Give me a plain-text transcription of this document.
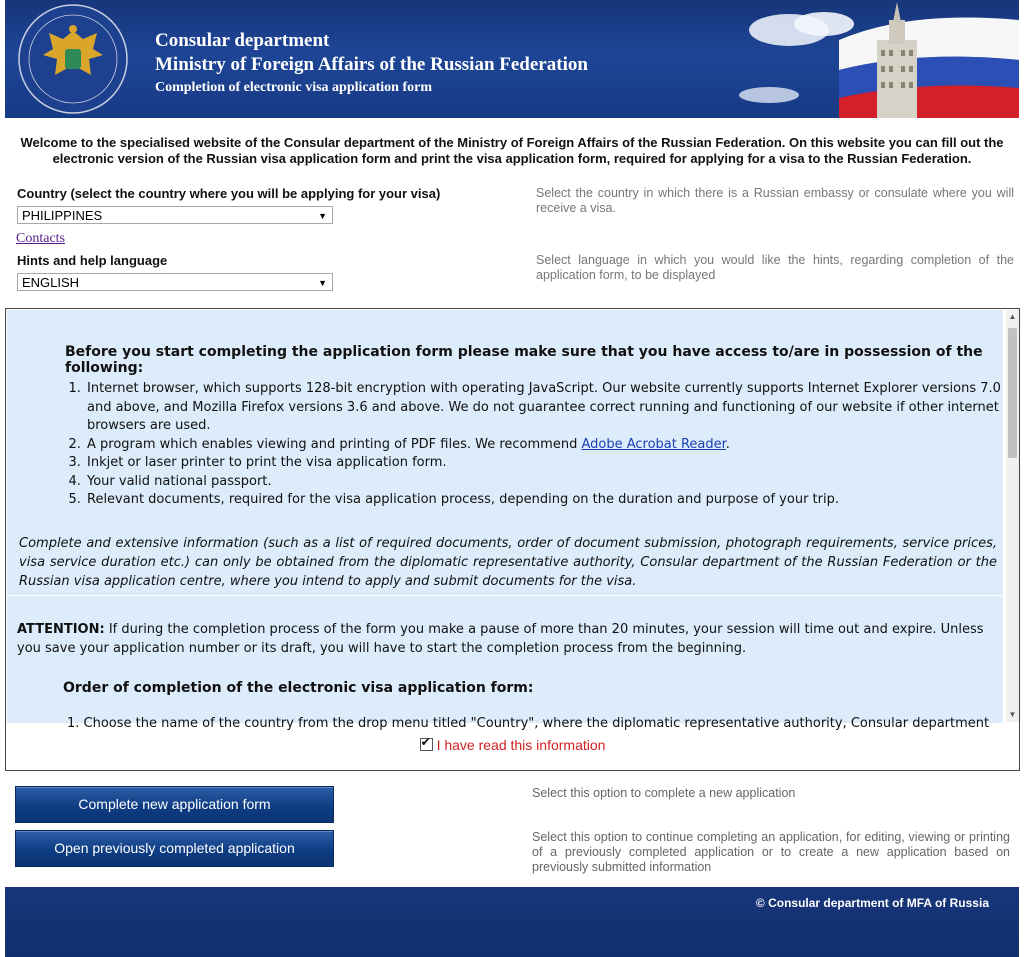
Consular department
Ministry of Foreign Affairs of the Russian Federation
Completion of electronic visa application form
Welcome to the specialised website of the Consular department of the Ministry of Foreign Affairs of the Russian Federation. On this website you can fill out the electronic version of the Russian visa application form and print the visa application form, required for applying for a visa to the Russian Federation.
Country (select the country where you will be applying for your visa)
PHILIPPINES	▼
Select the country in which there is a Russian embassy or consulate where you will receive a visa.
Contacts
Hints and help language
ENGLISH	▼
Select language in which you would like the hints, regarding completion of the application form, to be displayed
Before you start completing the application form please make sure that you have access to/are in possession of the following:
1. Internet browser, which supports 128-bit encryption with operating JavaScript. Our website currently supports Internet Explorer versions 7.0 and above, and Mozilla Firefox versions 3.6 and above. We do not guarantee correct running and functioning of our website if other internet browsers are used.
2. A program which enables viewing and printing of PDF files. We recommend Adobe Acrobat Reader.
3. Inkjet or laser printer to print the visa application form.
4. Your valid national passport.
5. Relevant documents, required for the visa application process, depending on the duration and purpose of your trip.
Complete and extensive information (such as a list of required documents, order of document submission, photograph requirements, service prices, visa service duration etc.) can only be obtained from the diplomatic representative authority, Consular department of the Russian Federation or the Russian visa application centre, where you intend to apply and submit documents for the visa.
ATTENTION: If during the completion process of the form you make a pause of more than 20 minutes, your session will time out and expire. Unless you save your application number or its draft, you will have to start the completion process from the beginning.
Order of completion of the electronic visa application form:
1. Choose the name of the country from the drop menu titled "Country", where the diplomatic representative authority, Consular department
▲
▼
✔I have read this information
Complete new application form
Select this option to complete a new application
Open previously completed application
Select this option to continue completing an application, for editing, viewing or printing of a previously completed application or to create a new application based on previously submitted information
© Consular department of MFA of Russia
